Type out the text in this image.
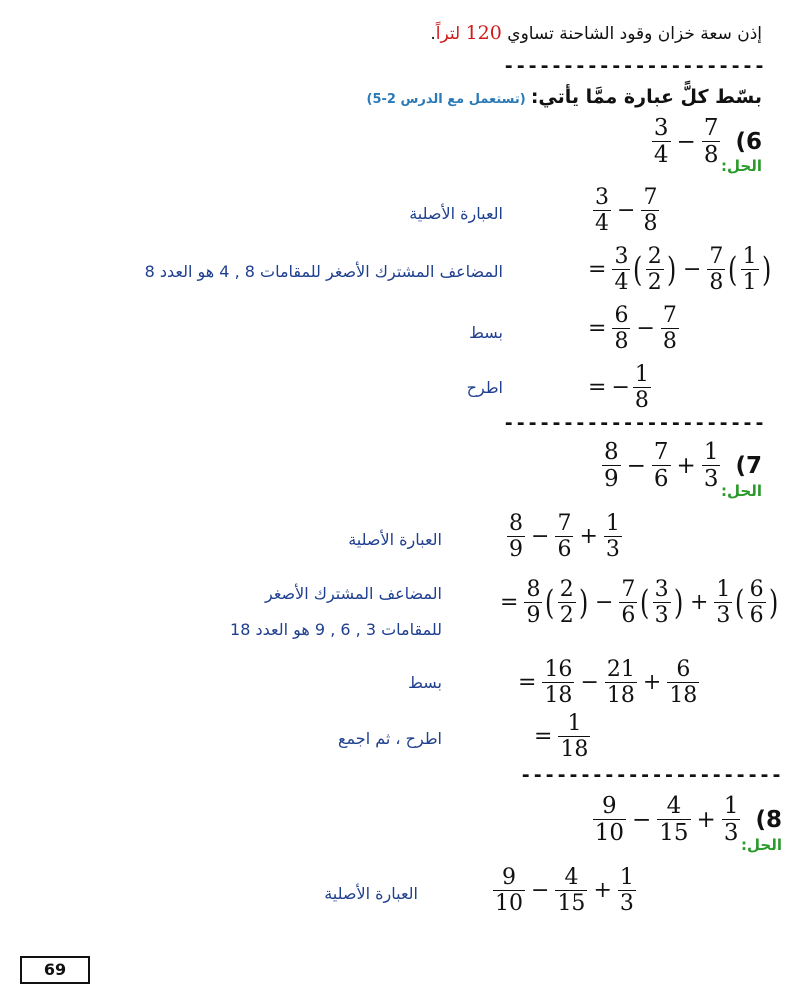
إذن سعة خزان وقود الشاحنة تساوي 120 لتراً.
----------------------
بسّط كلًّ عبارة ممَّا يأتي: (تستعمل مع الدرس 2-5)
$\frac{3}{4} - \frac{7}{8} 6$)
الحل:
$\frac{3}{4} - \frac{7}{8}$
العبارة الأصلية
= $\frac{3}{4}$ ( $\frac{2}{2}$ ) − $\frac{7}{8}$ ( $\frac{1}{1}$ )
المضاعف المشترك الأصغر للمقامات 8 , 4 هو العدد 8
= $\frac{6}{8} - \frac{7}{8}$
بسط
= − $\frac{1}{8}$
اطرح
----------------------
$\frac{8}{9} - \frac{7}{6} + \frac{1}{3} 7$)
الحل:
$\frac{8}{9} - \frac{7}{6} + \frac{1}{3}$
العبارة الأصلية
= $\frac{8}{9}$ ( $\frac{2}{2}$ ) − $\frac{7}{6}$ ( $\frac{3}{3}$ ) + $\frac{1}{3}$ ( $\frac{6}{6}$ )
المضاعف المشترك الأصغر
للمقامات 3 , 6 , 9 هو العدد 18
= $\frac{16}{18} - \frac{21}{18} + \frac{6}{18}$
بسط
= $\frac{1}{18}$
اطرح ، ثم اجمع
----------------------
$\frac{9}{10} - \frac{4}{15} + \frac{1}{3} 8$)
الحل:
$\frac{9}{10} - \frac{4}{15} + \frac{1}{3}$
العبارة الأصلية
69
